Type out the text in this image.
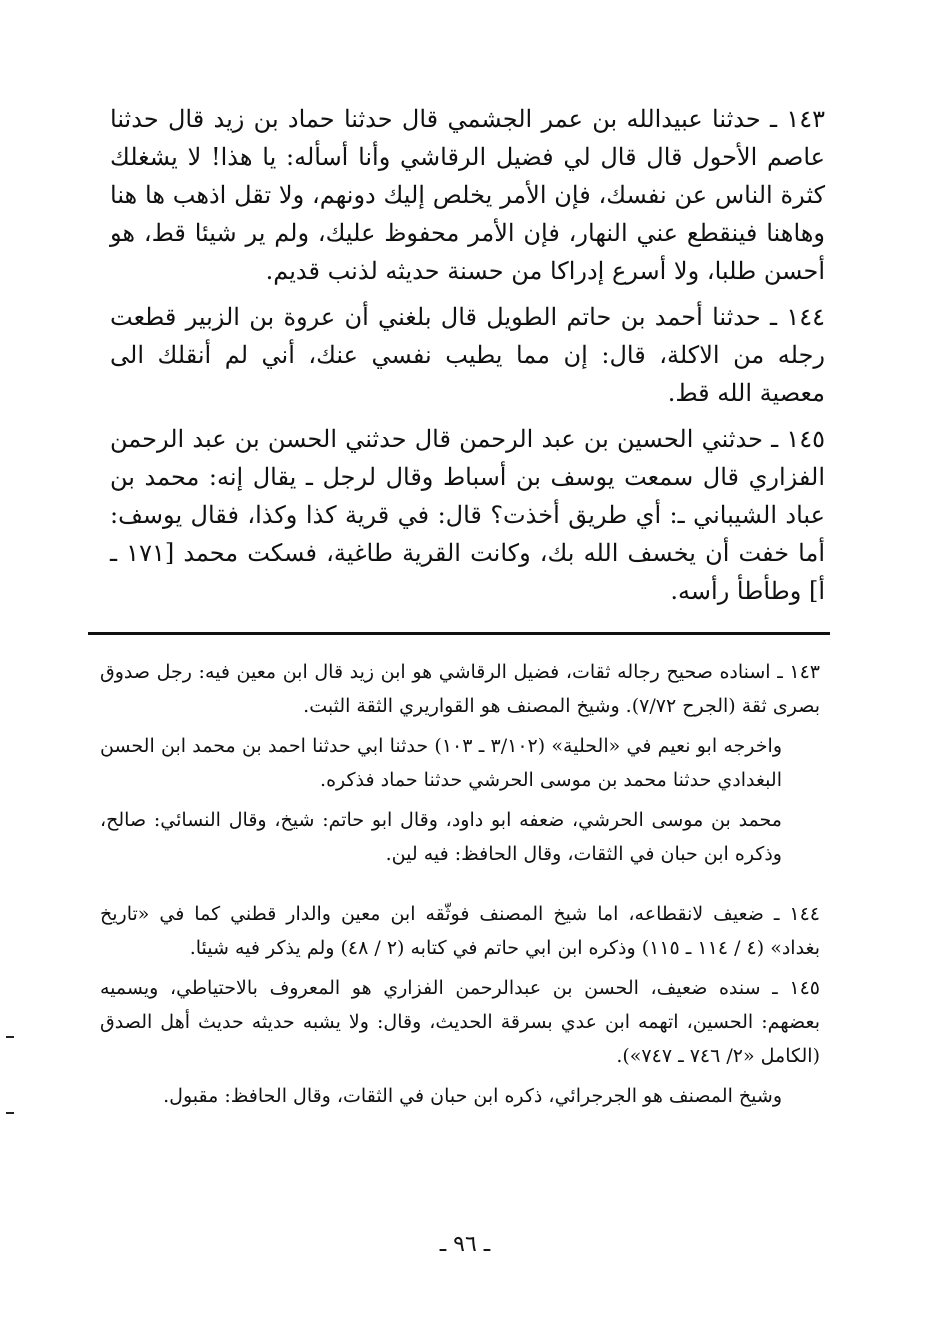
١٤٣ ـ حدثنا عبيدالله بن عمر الجشمي قال حدثنا حماد بن زيد قال حدثنا عاصم الأحول قال قال لي فضيل الرقاشي وأنا أسأله: يا هذا! لا يشغلك كثرة الناس عن نفسك، فإن الأمر يخلص إليك دونهم، ولا تقل اذهب ها هنا وهاهنا فينقطع عني النهار، فإن الأمر محفوظ عليك، ولم ير شيئا قط، هو أحسن طلبا، ولا أسرع إدراكا من حسنة حديثه لذنب قديم.

١٤٤ ـ حدثنا أحمد بن حاتم الطويل قال بلغني أن عروة بن الزبير قطعت رجله من الاكلة، قال: إن مما يطيب نفسي عنك، أني لم أنقلك الى معصية الله قط.

١٤٥ ـ حدثني الحسين بن عبد الرحمن قال حدثني الحسن بن عبد الرحمن الفزاري قال سمعت يوسف بن أسباط وقال لرجل ـ يقال إنه: محمد بن عباد الشيباني ـ: أي طريق أخذت؟ قال: في قرية كذا وكذا، فقال يوسف: أما خفت أن يخسف الله بك، وكانت القرية طاغية، فسكت محمد [١٧١ ـ أ] وطأطأ رأسه.

١٤٣ ـ اسناده صحيح رجاله ثقات، فضيل الرقاشي هو ابن زيد قال ابن معين فيه: رجل صدوق بصرى ثقة (الجرح ٧/٧٢). وشيخ المصنف هو القواريري الثقة الثبت.

واخرجه ابو نعيم في «الحلية» (٣/١٠٢ ـ ١٠٣) حدثنا ابي حدثنا احمد بن محمد ابن الحسن البغدادي حدثنا محمد بن موسى الحرشي حدثنا حماد فذكره.

محمد بن موسى الحرشي، ضعفه ابو داود، وقال ابو حاتم: شيخ، وقال النسائي: صالح، وذكره ابن حبان في الثقات، وقال الحافظ: فيه لين.

١٤٤ ـ ضعيف لانقطاعه، اما شيخ المصنف فوثّقه ابن معين والدار قطني كما في «تاريخ بغداد» (٤ / ١١٤ ـ ١١٥) وذكره ابن ابي حاتم في كتابه (٢ / ٤٨) ولم يذكر فيه شيئا.

١٤٥ ـ سنده ضعيف، الحسن بن عبدالرحمن الفزاري هو المعروف بالاحتياطي، ويسميه بعضهم: الحسين، اتهمه ابن عدي بسرقة الحديث، وقال: ولا يشبه حديثه حديث أهل الصدق (الكامل «٢/ ٧٤٦ ـ ٧٤٧»).

وشيخ المصنف هو الجرجرائي، ذكره ابن حبان في الثقات، وقال الحافظ: مقبول.

ـ ٩٦ ـ
